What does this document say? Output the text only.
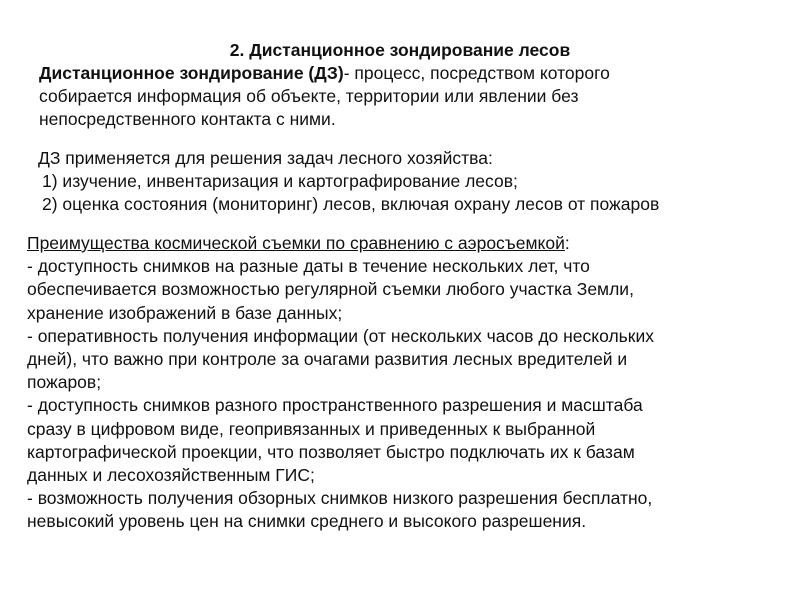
2. Дистанционное зондирование лесов
Дистанционное зондирование (ДЗ)- процесс, посредством которого
собирается информация об объекте, территории или явлении без
непосредственного контакта с ними.
ДЗ применяется для решения задач лесного хозяйства:
1) изучение, инвентаризация и картографирование лесов;
2) оценка состояния (мониторинг) лесов, включая охрану лесов от пожаров
Преимущества космической съемки по сравнению с аэросъемкой:
- доступность снимков на разные даты в течение нескольких лет, что
обеспечивается возможностью регулярной съемки любого участка Земли,
хранение изображений в базе данных;
- оперативность получения информации (от нескольких часов до нескольких
дней), что важно при контроле за очагами развития лесных вредителей и
пожаров;
- доступность снимков разного пространственного разрешения и масштаба
сразу в цифровом виде, геопривязанных и приведенных к выбранной
картографической проекции, что позволяет быстро подключать их к базам
данных и лесохозяйственным ГИС;
- возможность получения обзорных снимков низкого разрешения бесплатно,
невысокий уровень цен на снимки среднего и высокого разрешения.
